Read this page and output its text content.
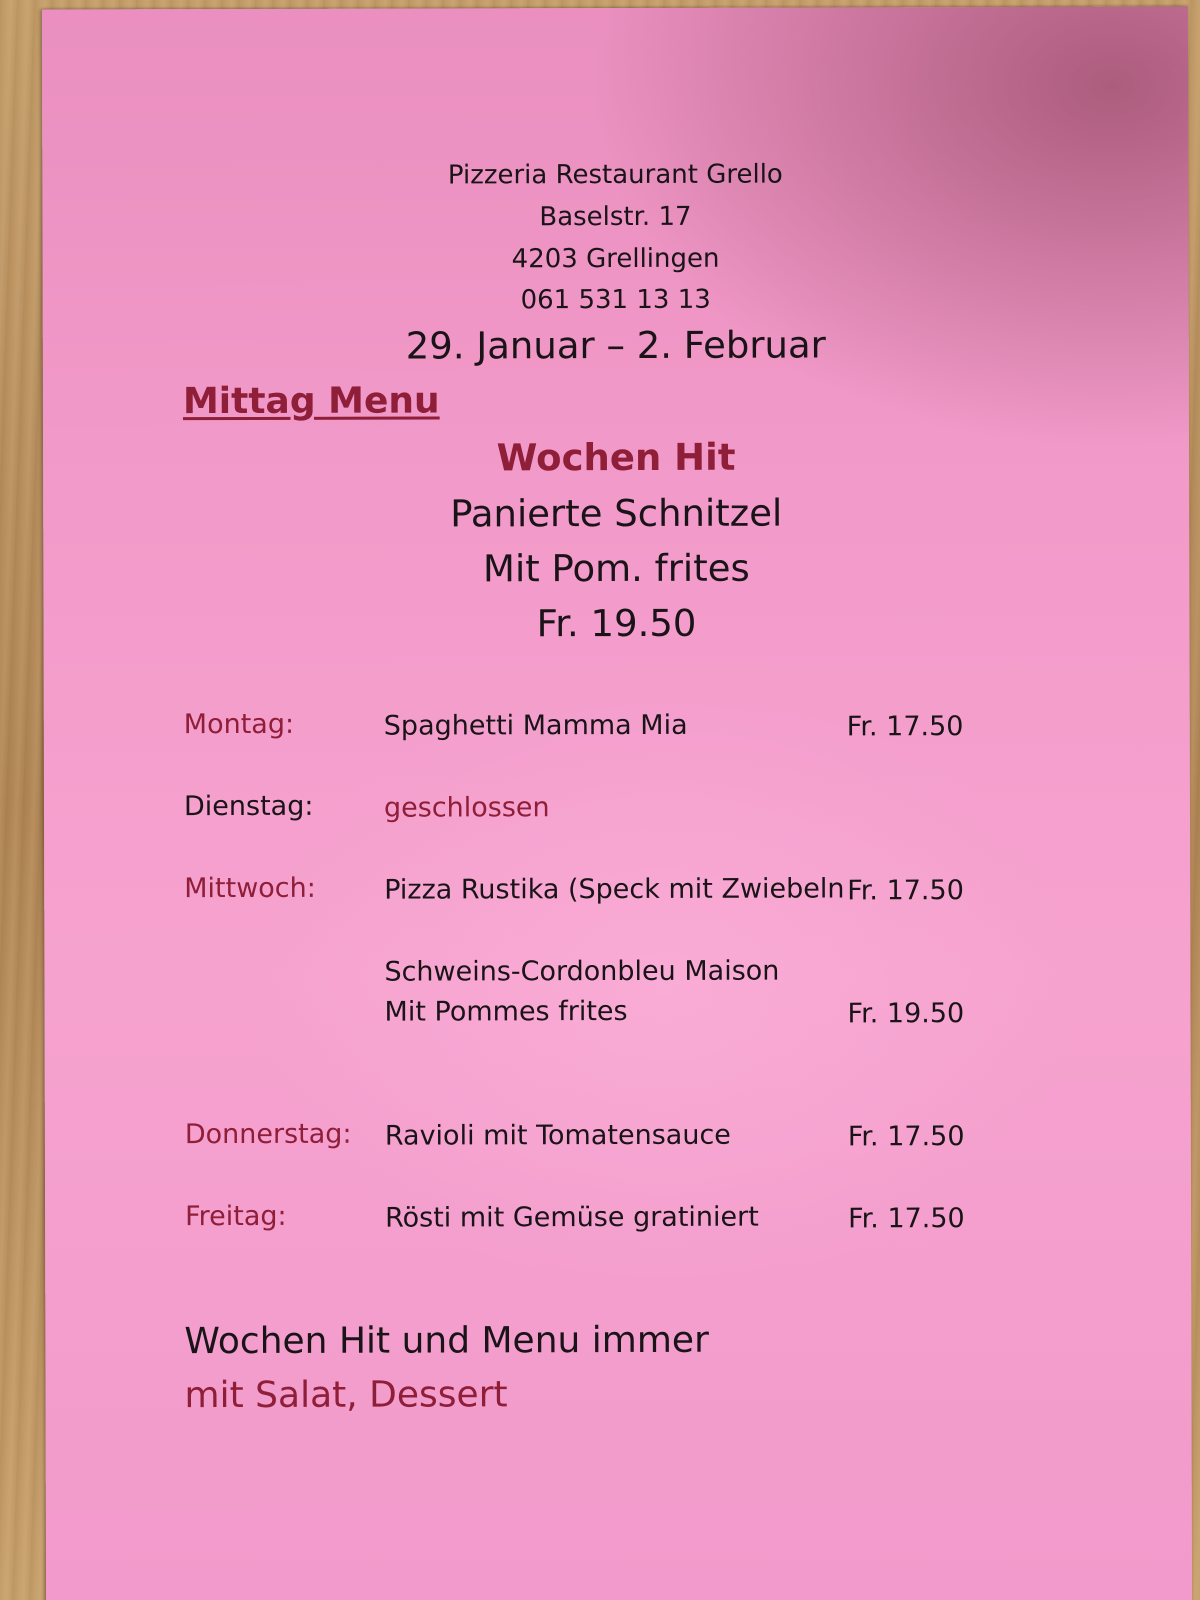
Pizzeria Restaurant Grello
Baselstr. 17
4203 Grellingen
061 531 13 13
29. Januar – 2. Februar
Mittag Menu
Wochen Hit
Panierte Schnitzel
Mit Pom. frites
Fr. 19.50
Montag:	Spaghetti Mamma Mia	Fr. 17.50
Dienstag:	geschlossen
Mittwoch:	Pizza Rustika (Speck mit Zwiebeln Fr. 17.50
Schweins-Cordonbleu Maison
Mit Pommes frites	Fr. 19.50
Donnerstag: Ravioli mit Tomatensauce	Fr. 17.50
Freitag:	Rösti mit Gemüse gratiniert	Fr. 17.50
Wochen Hit und Menu immer
mit Salat, Dessert
